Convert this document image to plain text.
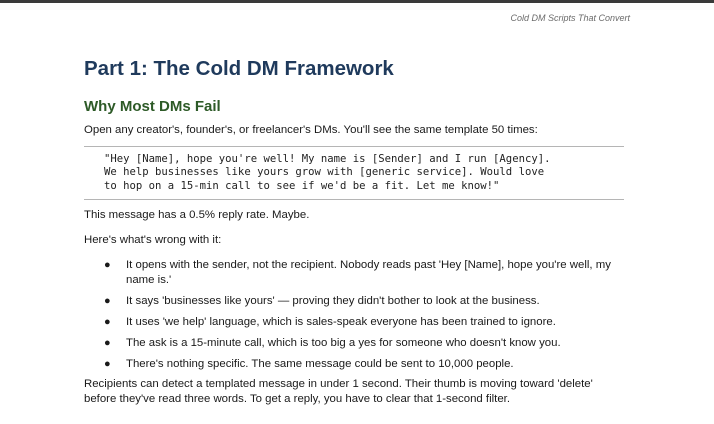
Cold DM Scripts That Convert
Part 1: The Cold DM Framework
Why Most DMs Fail

Open any creator's, founder's, or freelancer's DMs. You'll see the same template 50 times:

"Hey [Name], hope you're well! My name is [Sender] and I run [Agency].
We help businesses like yours grow with [generic service]. Would love
to hop on a 15-min call to see if we'd be a fit. Let me know!"

This message has a 0.5% reply rate. Maybe.

Here's what's wrong with it:

● It opens with the sender, not the recipient. Nobody reads past 'Hey [Name], hope you're well, my name is.'
● It says 'businesses like yours' — proving they didn't bother to look at the business.
● It uses 'we help' language, which is sales-speak everyone has been trained to ignore.
● The ask is a 15-minute call, which is too big a yes for someone who doesn't know you.
● There's nothing specific. The same message could be sent to 10,000 people.

Recipients can detect a templated message in under 1 second. Their thumb is moving toward 'delete' before they've read three words. To get a reply, you have to clear that 1-second filter.
